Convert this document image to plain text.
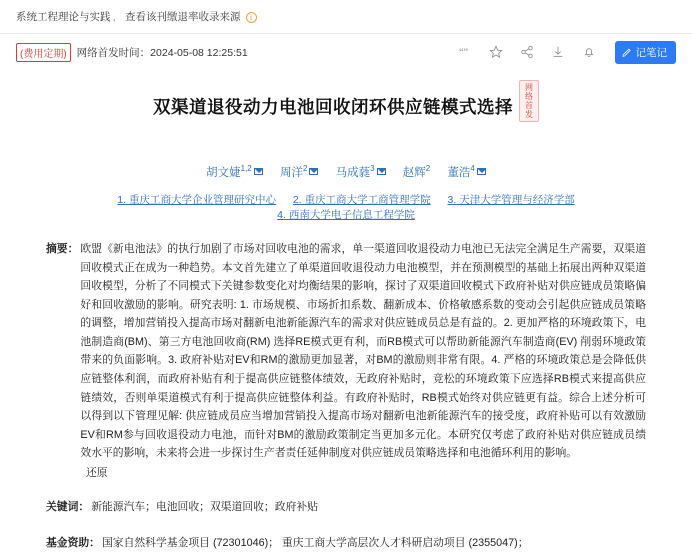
系统工程理论与实践 ， 查看该刊缴退率收录来源	i
(费用定期) 网络首发时间：2024-05-08 12:25:51	“”	记笔记
双渠道退役动力电池回收闭环供应链模式选择
网络
首发
胡文婕$^{1,2}$ 周洋$^2$ 马成蕤$^3$ 赵辉$^2$ 董浩$^4$
1. 重庆工商大学企业管理研究中心 2. 重庆工商大学工商管理学院 3. 天津大学管理与经济学部 4. 西南大学电子信息工程学院
摘要： 欧盟《新电池法》的执行加剧了市场对回收电池的需求，单一渠道回收退役动力电池已无法完全满足生产需要，双渠道回收模式正在成为一种趋势。本文首先建立了单渠道回收退役动力电池模型，并在预测模型的基础上拓展出两种双渠道回收模型，分析了不同模式下关键参数变化对均衡结果的影响，探讨了双渠道回收模式下政府补贴对供应链成员策略偏好和回收激励的影响。研究表明: 1. 市场规模、市场折扣系数、翻新成本、价格敏感系数的变动会引起供应链成员策略的调整，增加营销投入提高市场对翻新电池新能源汽车的需求对供应链成员总是有益的。2. 更加严格的环境政策下，电池制造商(BM)、第三方电池回收商(RM) 选择RE模式更有利，而RB模式可以帮助新能源汽车制造商(EV) 削弱环境政策带来的负面影响。3. 政府补贴对EV和RM的激励更加显著，对BM的激励则非常有限。4. 严格的环境政策总是会降低供应链整体利润，而政府补贴有利于提高供应链整体绩效，无政府补贴时，竞松的环境政策下应选择RB模式来提高供应链绩效，否则单渠道模式有利于提高供应链整体利益。有政府补贴时，RB模式始终对供应链更有益。综合上述分析可以得到以下管理见解: 供应链成员应当增加营销投入提高市场对翻新电池新能源汽车的接受度，政府补贴可以有效激励EV和RM参与回收退役动力电池，而针对BM的激励政策制定当更加多元化。本研究仅考虑了政府补贴对供应链成员绩效水平的影响，未来将会进一步探讨生产者责任延伸制度对供应链成员策略选择和电池循环利用的影响。
还原
关键词： 新能源汽车；电池回收；双渠道回收；政府补贴
基金资助： 国家自然科学基金项目 (72301046)； 重庆工商大学高层次人才科研启动项目 (2355047)；
